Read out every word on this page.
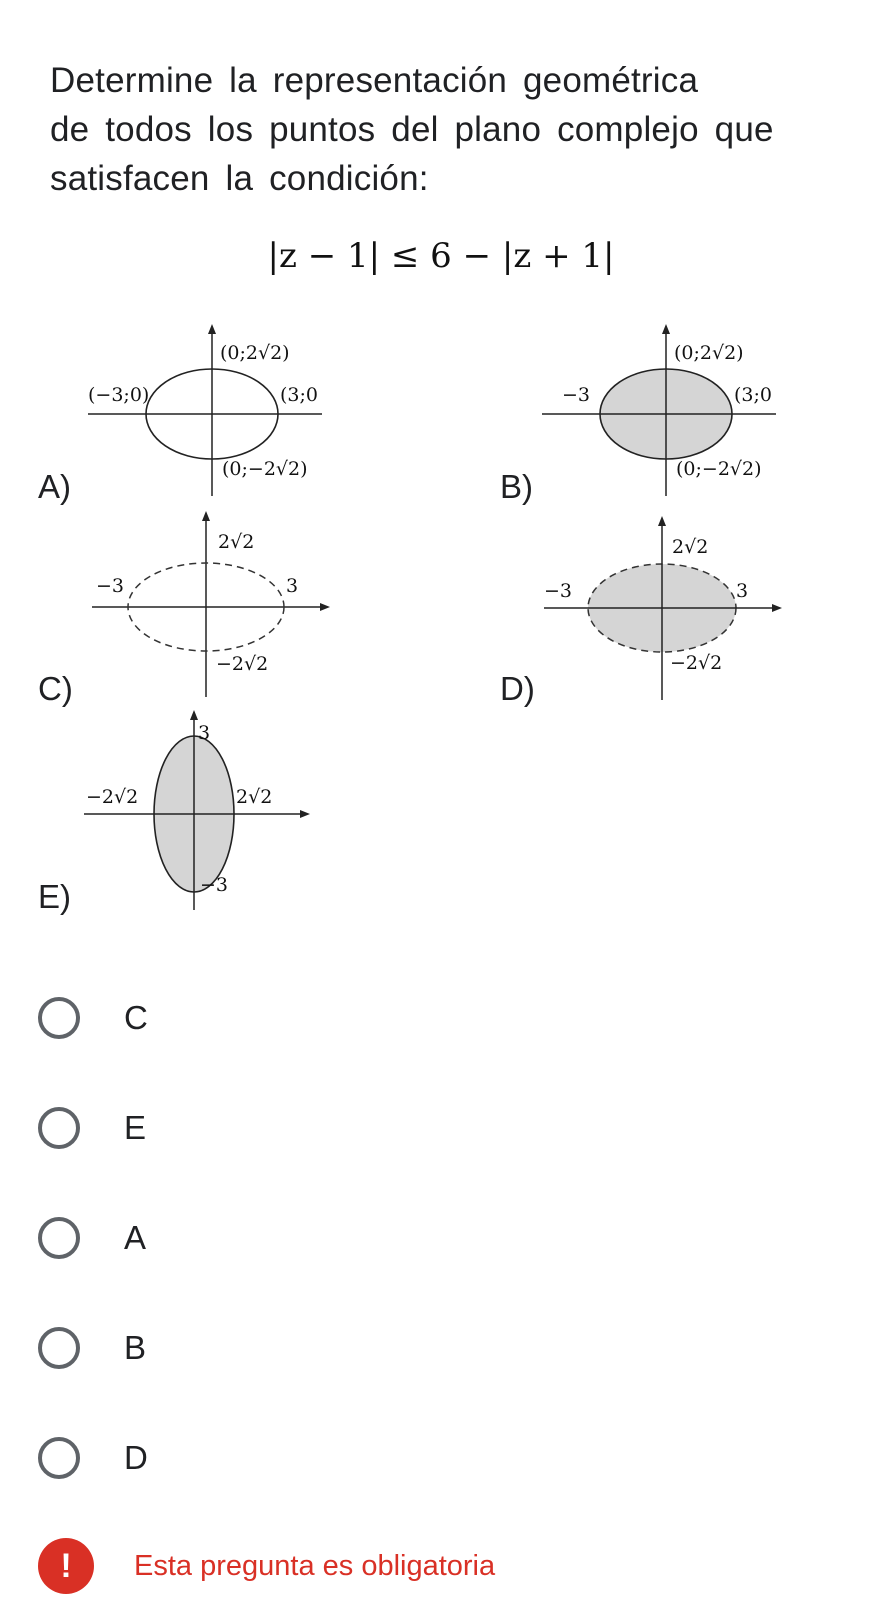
Determine la representación geométrica
de todos los puntos del plano complejo que
satisfacen la condición:
|z − 1| ≤ 6 − |z + 1|
(0;2√2)
(−3;0)	(3;0
(0;−2√2)
A)
(0;2√2)
−3	(3;0
(0;−2√2)
B)
2√2
−3	3
−2√2
C)
2√2
−3	3
−2√2
D)
3
−2√2	2√2
−3
E)
C
E
A
B
D
!	Esta pregunta es obligatoria
